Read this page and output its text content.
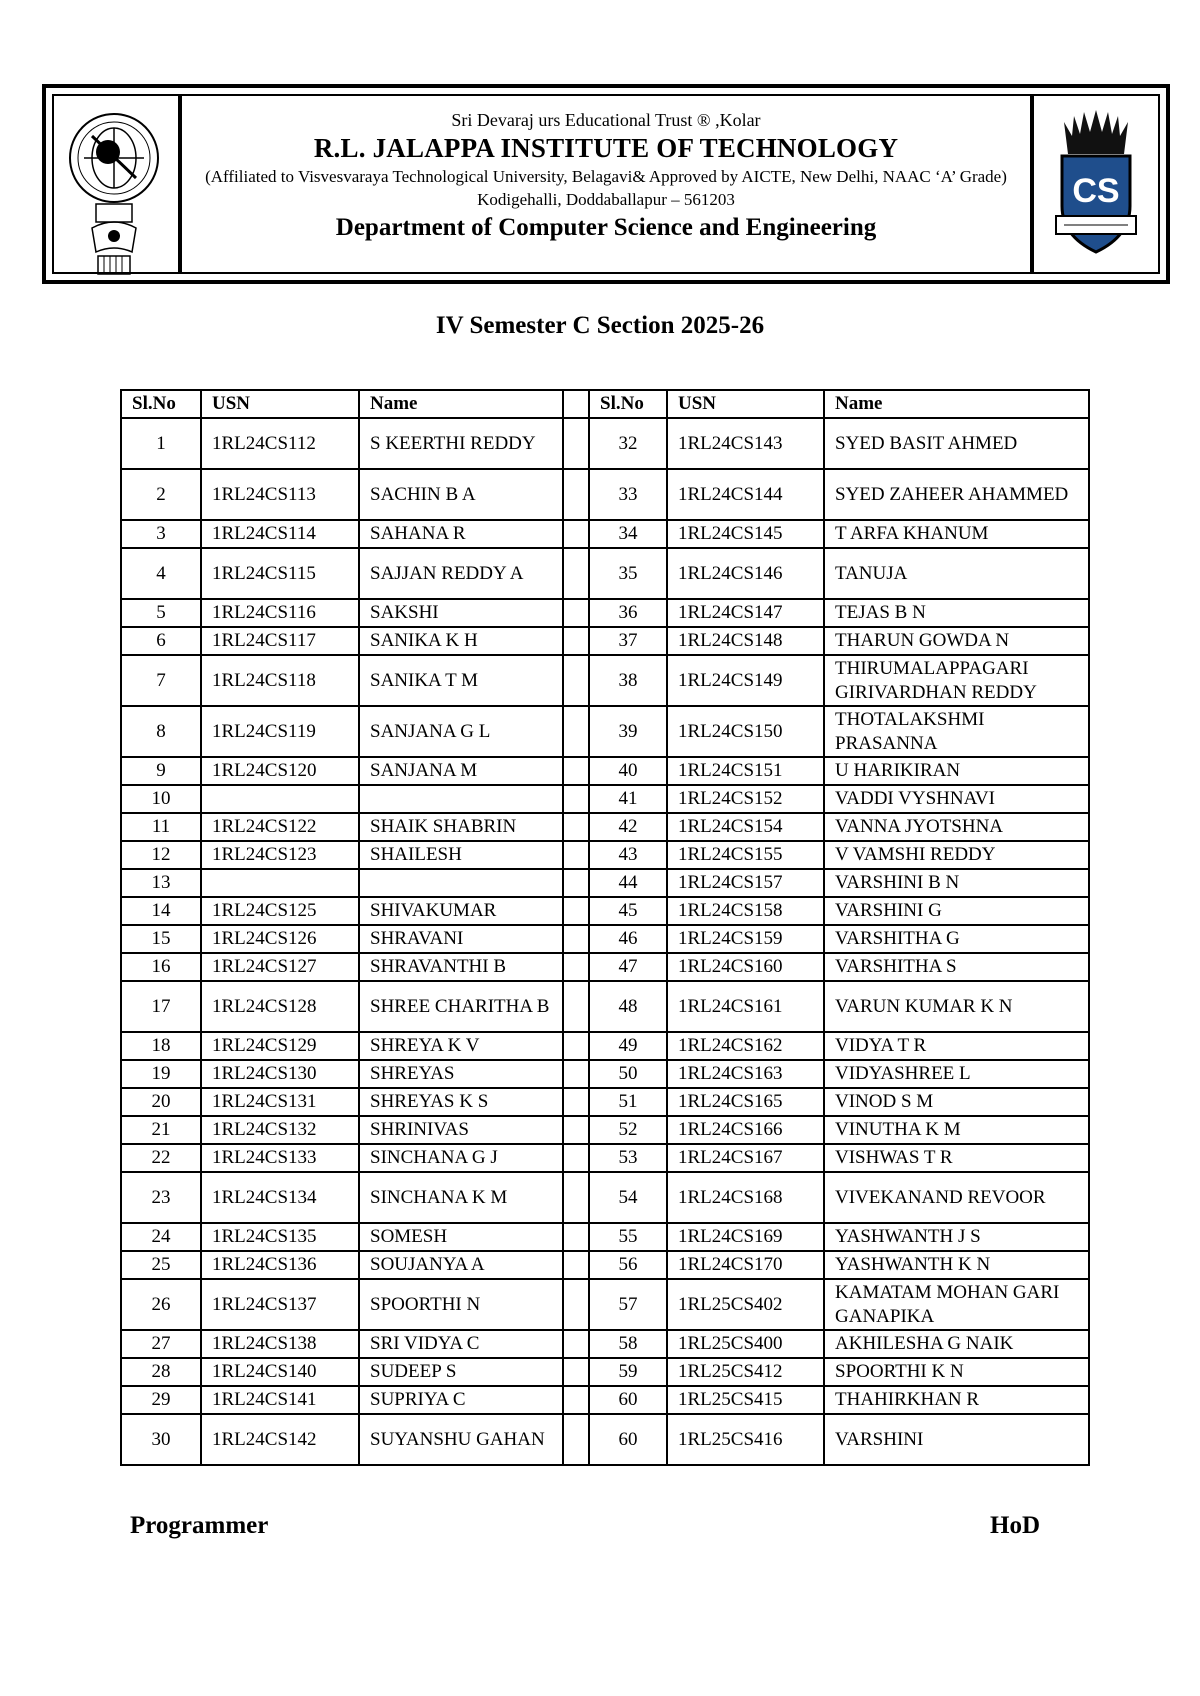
Sri Devaraj urs Educational Trust ® ,Kolar
R.L. JALAPPA INSTITUTE OF TECHNOLOGY
(Affiliated to Visvesvaraya Technological University, Belagavi& Approved by AICTE, New Delhi, NAAC ‘A’ Grade)
Kodigehalli, Doddaballapur – 561203
Department of Computer Science and Engineering
CS
IV Semester C Section 2025-26
Sl.No	USN	Name		Sl.No	USN	Name
1	1RL24CS112	S KEERTHI REDDY		32	1RL24CS143	SYED BASIT AHMED
2	1RL24CS113	SACHIN B A		33	1RL24CS144	SYED ZAHEER AHAMMED
3	1RL24CS114	SAHANA R		34	1RL24CS145	T ARFA KHANUM
4	1RL24CS115	SAJJAN REDDY A		35	1RL24CS146	TANUJA
5	1RL24CS116	SAKSHI		36	1RL24CS147	TEJAS B N
6	1RL24CS117	SANIKA K H		37	1RL24CS148	THARUN GOWDA N
7	1RL24CS118	SANIKA T M		38	1RL24CS149	THIRUMALAPPAGARI GIRIVARDHAN REDDY
8	1RL24CS119	SANJANA G L		39	1RL24CS150	THOTALAKSHMI PRASANNA
9	1RL24CS120	SANJANA M		40	1RL24CS151	U HARIKIRAN
10				41	1RL24CS152	VADDI VYSHNAVI
11	1RL24CS122	SHAIK SHABRIN		42	1RL24CS154	VANNA JYOTSHNA
12	1RL24CS123	SHAILESH		43	1RL24CS155	V VAMSHI REDDY
13				44	1RL24CS157	VARSHINI B N
14	1RL24CS125	SHIVAKUMAR		45	1RL24CS158	VARSHINI G
15	1RL24CS126	SHRAVANI		46	1RL24CS159	VARSHITHA G
16	1RL24CS127	SHRAVANTHI B		47	1RL24CS160	VARSHITHA S
17	1RL24CS128	SHREE CHARITHA B		48	1RL24CS161	VARUN KUMAR K N
18	1RL24CS129	SHREYA K V		49	1RL24CS162	VIDYA T R
19	1RL24CS130	SHREYAS		50	1RL24CS163	VIDYASHREE L
20	1RL24CS131	SHREYAS K S		51	1RL24CS165	VINOD S M
21	1RL24CS132	SHRINIVAS		52	1RL24CS166	VINUTHA K M
22	1RL24CS133	SINCHANA G J		53	1RL24CS167	VISHWAS T R
23	1RL24CS134	SINCHANA K M		54	1RL24CS168	VIVEKANAND REVOOR
24	1RL24CS135	SOMESH		55	1RL24CS169	YASHWANTH J S
25	1RL24CS136	SOUJANYA A		56	1RL24CS170	YASHWANTH K N
26	1RL24CS137	SPOORTHI N		57	1RL25CS402	KAMATAM MOHAN GARI GANAPIKA
27	1RL24CS138	SRI VIDYA C		58	1RL25CS400	AKHILESHA G NAIK
28	1RL24CS140	SUDEEP S		59	1RL25CS412	SPOORTHI K N
29	1RL24CS141	SUPRIYA C		60	1RL25CS415	THAHIRKHAN R
30	1RL24CS142	SUYANSHU GAHAN		60	1RL25CS416	VARSHINI
Programmer	HoD
